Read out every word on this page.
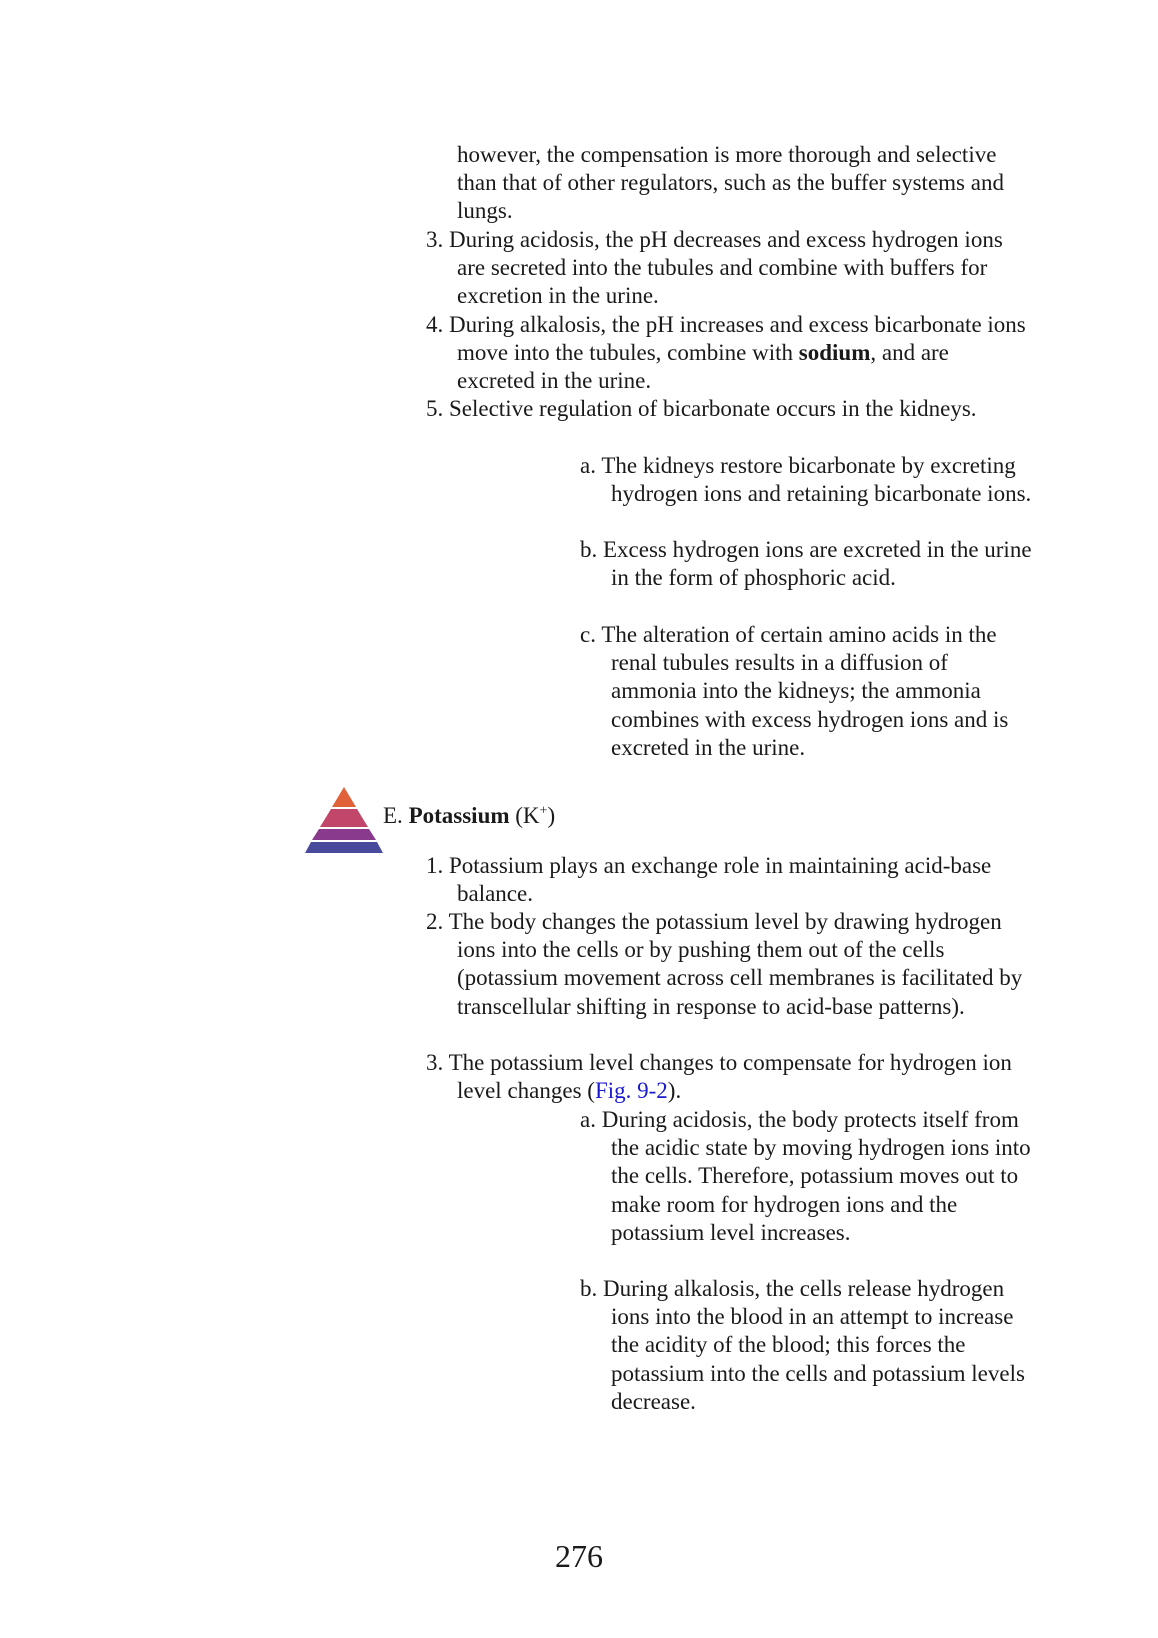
however, the compensation is more thorough and selective than that of other regulators, such as the buffer systems and lungs.

3. During acidosis, the pH decreases and excess hydrogen ions are secreted into the tubules and combine with buffers for excretion in the urine.

4. During alkalosis, the pH increases and excess bicarbonate ions move into the tubules, combine with sodium, and are excreted in the urine.

5. Selective regulation of bicarbonate occurs in the kidneys.

a. The kidneys restore bicarbonate by excreting hydrogen ions and retaining bicarbonate ions.

b. Excess hydrogen ions are excreted in the urine in the form of phosphoric acid.

c. The alteration of certain amino acids in the renal tubules results in a diffusion of ammonia into the kidneys; the ammonia combines with excess hydrogen ions and is excreted in the urine.

E. Potassium (K+)

1. Potassium plays an exchange role in maintaining acid-base balance.

2. The body changes the potassium level by drawing hydrogen ions into the cells or by pushing them out of the cells (potassium movement across cell membranes is facilitated by transcellular shifting in response to acid-base patterns).

3. The potassium level changes to compensate for hydrogen ion level changes (Fig. 9-2).

a. During acidosis, the body protects itself from the acidic state by moving hydrogen ions into the cells. Therefore, potassium moves out to make room for hydrogen ions and the potassium level increases.

b. During alkalosis, the cells release hydrogen ions into the blood in an attempt to increase the acidity of the blood; this forces the potassium into the cells and potassium levels decrease.

276
